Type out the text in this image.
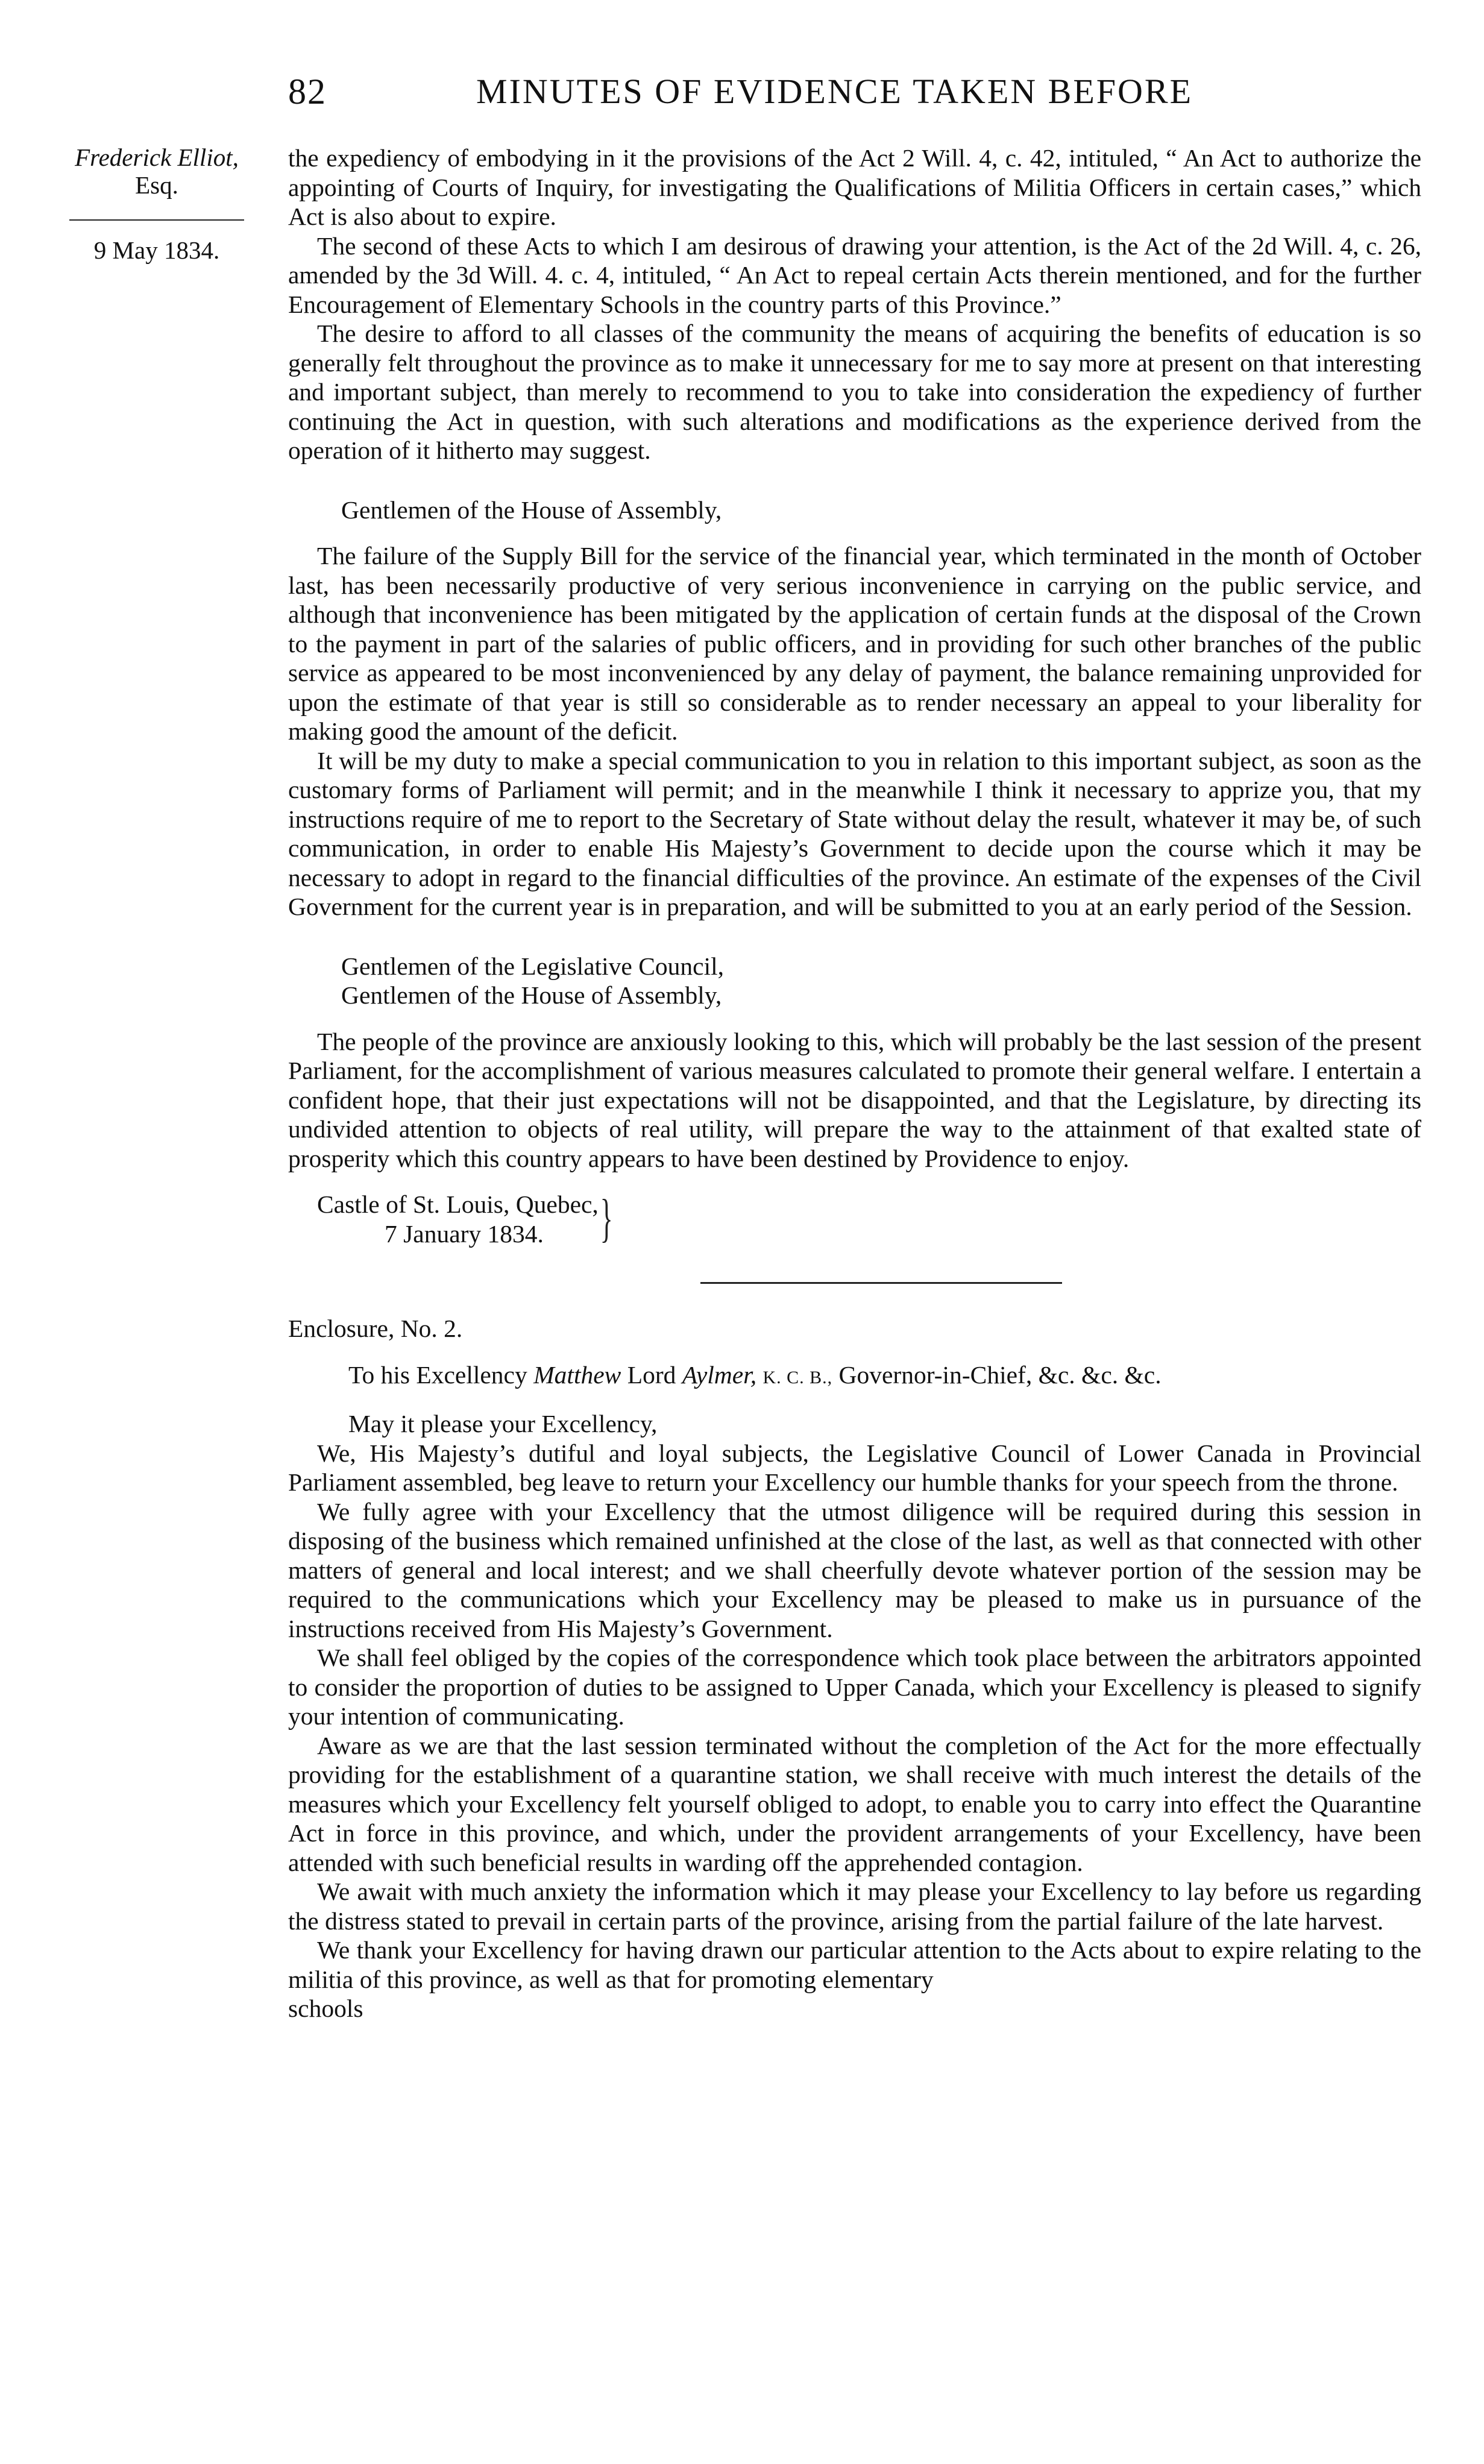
82	MINUTES OF EVIDENCE TAKEN BEFORE
Frederick Elliot,
Esq.
9 May 1834.

the expediency of embodying in it the provisions of the Act 2 Will. 4, c. 42, intituled, “ An Act to authorize the appointing of Courts of Inquiry, for investigating the Qualifications of Militia Officers in certain cases,” which Act is also about to expire.

The second of these Acts to which I am desirous of drawing your attention, is the Act of the 2d Will. 4, c. 26, amended by the 3d Will. 4. c. 4, intituled, “ An Act to repeal certain Acts therein mentioned, and for the further Encouragement of Elementary Schools in the country parts of this Province.”

The desire to afford to all classes of the community the means of acquiring the benefits of education is so generally felt throughout the province as to make it unnecessary for me to say more at present on that interesting and important subject, than merely to recommend to you to take into consideration the expediency of further continuing the Act in question, with such alterations and modifications as the experience derived from the operation of it hitherto may suggest.

Gentlemen of the House of Assembly,

The failure of the Supply Bill for the service of the financial year, which terminated in the month of October last, has been necessarily productive of very serious inconvenience in carrying on the public service, and although that inconvenience has been mitigated by the application of certain funds at the disposal of the Crown to the payment in part of the salaries of public officers, and in providing for such other branches of the public service as appeared to be most inconvenienced by any delay of payment, the balance remaining unprovided for upon the estimate of that year is still so considerable as to render necessary an appeal to your liberality for making good the amount of the deficit.

It will be my duty to make a special communication to you in relation to this important subject, as soon as the customary forms of Parliament will permit; and in the meanwhile I think it necessary to apprize you, that my instructions require of me to report to the Secretary of State without delay the result, whatever it may be, of such communication, in order to enable His Majesty’s Government to decide upon the course which it may be necessary to adopt in regard to the financial difficulties of the province. An estimate of the expenses of the Civil Government for the current year is in preparation, and will be submitted to you at an early period of the Session.

Gentlemen of the Legislative Council,

Gentlemen of the House of Assembly,

The people of the province are anxiously looking to this, which will probably be the last session of the present Parliament, for the accomplishment of various measures calculated to promote their general welfare. I entertain a confident hope, that their just expectations will not be disappointed, and that the Legislature, by directing its undivided attention to objects of real utility, will prepare the way to the attainment of that exalted state of prosperity which this country appears to have been destined by Providence to enjoy.

Castle of St. Louis, Quebec,
7 January 1834.	}

Enclosure, No. 2.

To his Excellency Matthew Lord Aylmer, K. C. B., Governor-in-Chief, &c. &c. &c.

May it please your Excellency,

We, His Majesty’s dutiful and loyal subjects, the Legislative Council of Lower Canada in Provincial Parliament assembled, beg leave to return your Excellency our humble thanks for your speech from the throne.

We fully agree with your Excellency that the utmost diligence will be required during this session in disposing of the business which remained unfinished at the close of the last, as well as that connected with other matters of general and local interest; and we shall cheerfully devote whatever portion of the session may be required to the communications which your Excellency may be pleased to make us in pursuance of the instructions received from His Majesty’s Government.

We shall feel obliged by the copies of the correspondence which took place between the arbitrators appointed to consider the proportion of duties to be assigned to Upper Canada, which your Excellency is pleased to signify your intention of communicating.

Aware as we are that the last session terminated without the completion of the Act for the more effectually providing for the establishment of a quarantine station, we shall receive with much interest the details of the measures which your Excellency felt yourself obliged to adopt, to enable you to carry into effect the Quarantine Act in force in this province, and which, under the provident arrangements of your Excellency, have been attended with such beneficial results in warding off the apprehended contagion.

We await with much anxiety the information which it may please your Excellency to lay before us regarding the distress stated to prevail in certain parts of the province, arising from the partial failure of the late harvest.

We thank your Excellency for having drawn our particular attention to the Acts about to expire relating to the militia of this province, as well as that for promoting elementary

schools
